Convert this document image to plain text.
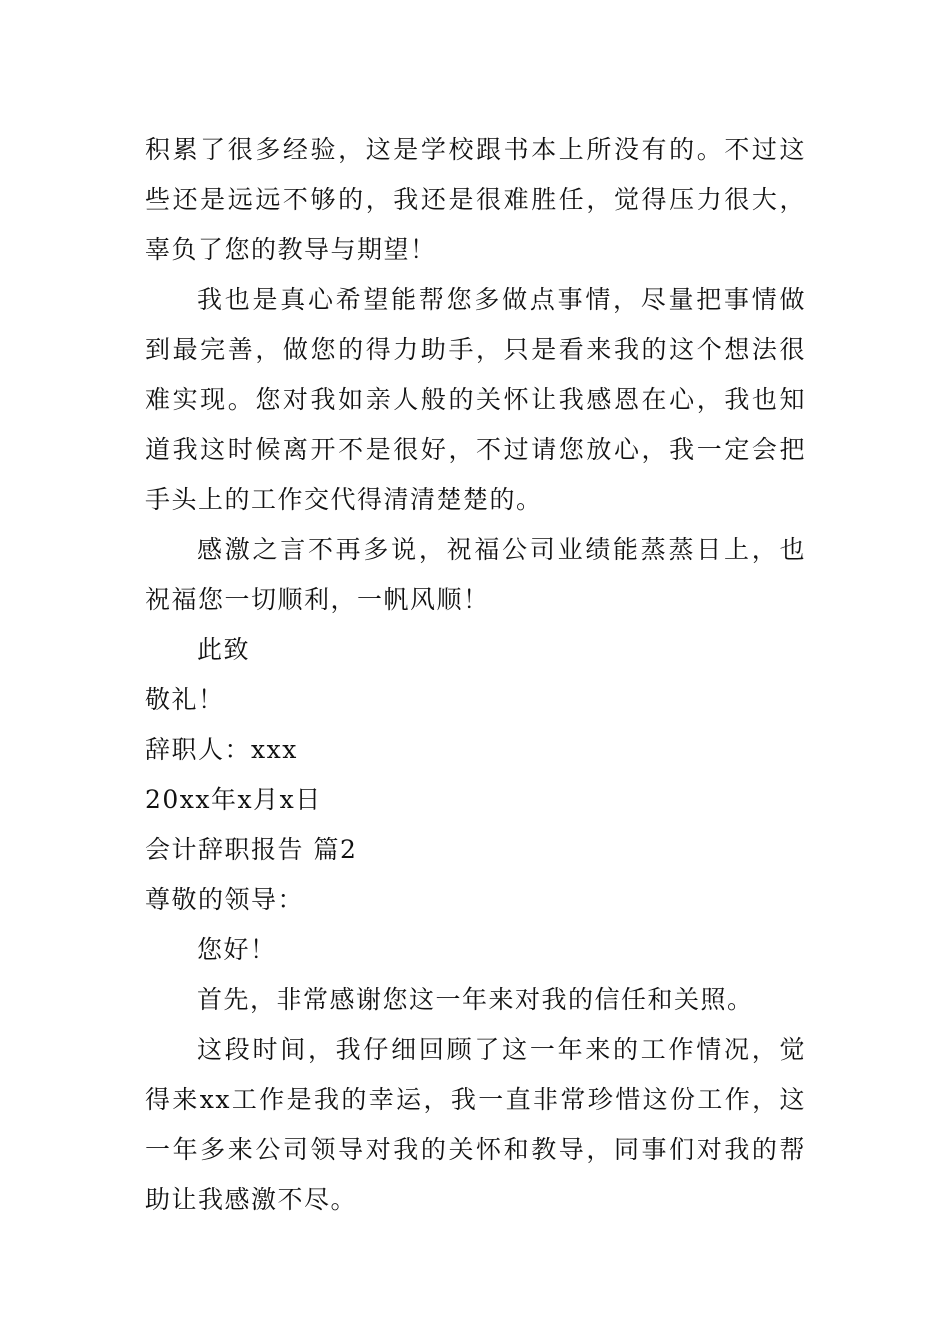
积累了很多经验，这是学校跟书本上所没有的。不过这些还是远远不够的，我还是很难胜任，觉得压力很大，辜负了您的教导与期望！

我也是真心希望能帮您多做点事情，尽量把事情做到最完善，做您的得力助手，只是看来我的这个想法很难实现。您对我如亲人般的关怀让我感恩在心，我也知道我这时候离开不是很好，不过请您放心，我一定会把手头上的工作交代得清清楚楚的。

感激之言不再多说，祝福公司业绩能蒸蒸日上，也祝福您一切顺利，一帆风顺！

此致

敬礼！

辞职人：xxx

20xx年x月x日

会计辞职报告 篇2

尊敬的领导：

您好！

首先，非常感谢您这一年来对我的信任和关照。

这段时间，我仔细回顾了这一年来的工作情况，觉得来xx工作是我的幸运，我一直非常珍惜这份工作，这一年多来公司领导对我的关怀和教导，同事们对我的帮助让我感激不尽。
